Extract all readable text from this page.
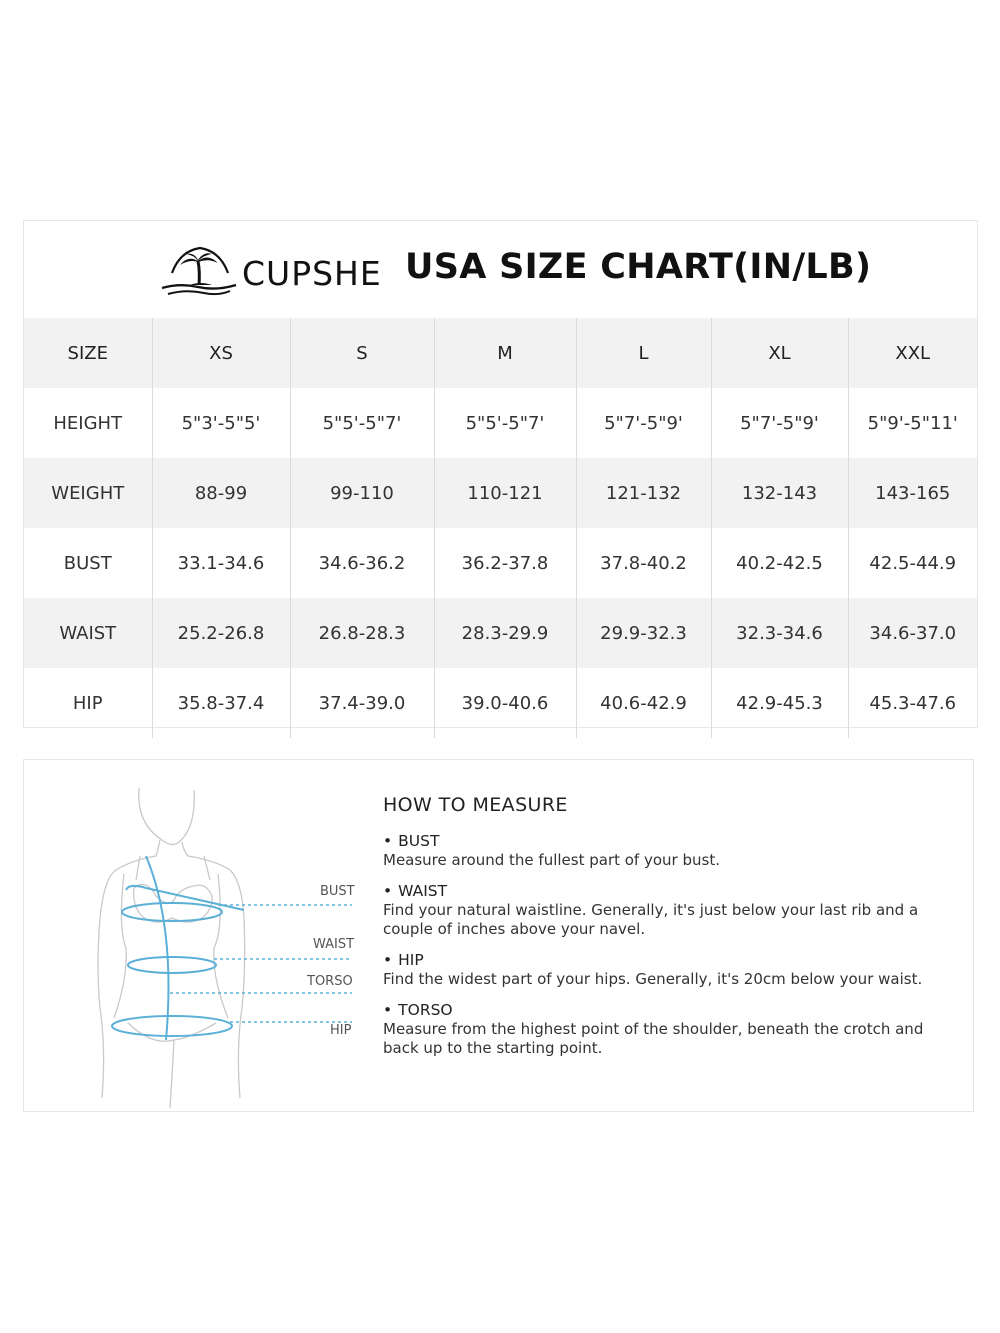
CUPSHE USA SIZE CHART(IN/LB)
SIZE	XS	S	M	L	XL	XXL
HEIGHT	5"3'-5"5'	5"5'-5"7'	5"5'-5"7'	5"7'-5"9'	5"7'-5"9'	5"9'-5"11'
WEIGHT	88-99	99-110	110-121	121-132	132-143	143-165
BUST	33.1-34.6	34.6-36.2	36.2-37.8	37.8-40.2	40.2-42.5	42.5-44.9
WAIST	25.2-26.8	26.8-28.3	28.3-29.9	29.9-32.3	32.3-34.6	34.6-37.0
HIP	35.8-37.4	37.4-39.0	39.0-40.6	40.6-42.9	42.9-45.3	45.3-47.6
BUST
WAIST
TORSO
HIP
HOW TO MEASURE
• BUST
Measure around the fullest part of your bust.
• WAIST
Find your natural waistline. Generally, it's just below your last rib and a couple of inches above your navel.
• HIP
Find the widest part of your hips. Generally, it's 20cm below your waist.
• TORSO
Measure from the highest point of the shoulder, beneath the crotch and back up to the starting point.
